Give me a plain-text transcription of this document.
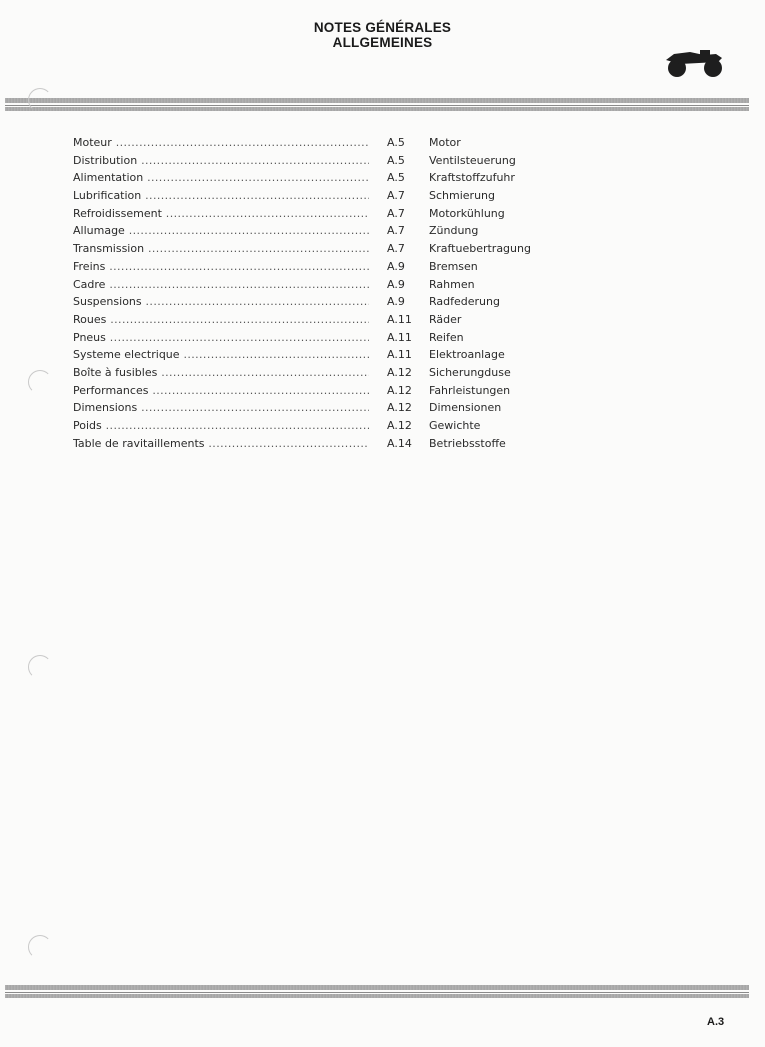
NOTES GÉNÉRALES
ALLGEMEINES
Moteur .....	A.5 Motor
Distribution .....	A.5 Ventilsteuerung
Alimentation .....	A.5 Kraftstoffzufuhr
Lubrification .....	A.7 Schmierung
Refroidissement .....	A.7 Motorkühlung
Allumage .....	A.7 Zündung
Transmission .....	A.7 Kraftuebertragung
Freins .....	A.9 Bremsen
Cadre .....	A.9 Rahmen
Suspensions .....	A.9 Radfederung
Roues .....	A.11 Räder
Pneus .....	A.11 Reifen
Systeme electrique .....	A.11 Elektroanlage
Boîte à fusibles .....	A.12 Sicherungduse
Performances .....	A.12 Fahrleistungen
Dimensions .....	A.12 Dimensionen
Poids .....	A.12 Gewichte
Table de ravitaillements .....	A.14 Betriebsstoffe
A.3
